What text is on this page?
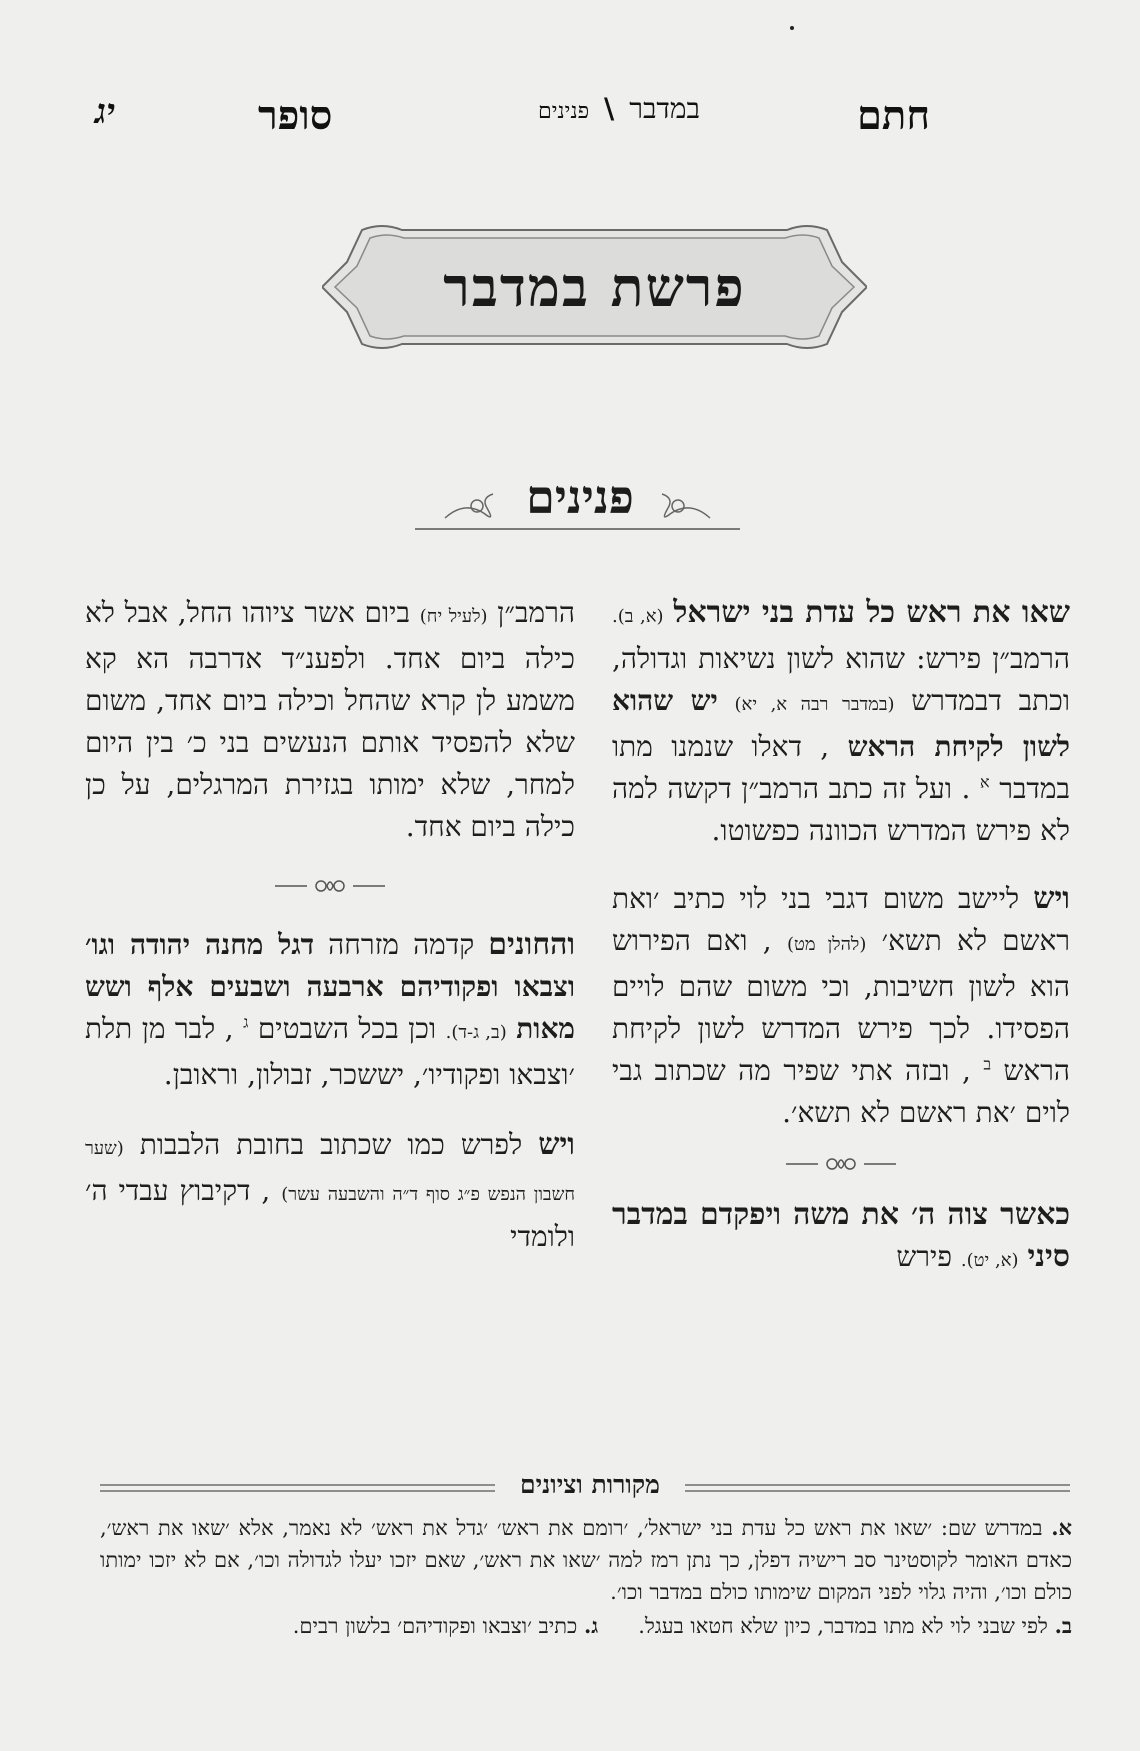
חתם
במדבר \ פנינים
סופר
יג
פרשת במדבר
פנינים
שאו את ראש כל עדת בני ישראל (א, ב). הרמב״ן פירש: שהוא לשון נשיאות וגדולה, וכתב דבמדרש (במדבר רבה א, יא) יש שהוא לשון לקיחת הראש , דאלו שנמנו מתו במדבר $^א$ . ועל זה כתב הרמב״ן דקשה למה לא פירש המדרש הכוונה כפשוטו.
ויש ליישב משום דגבי בני לוי כתיב ׳ואת ראשם לא תשא׳ (להלן מט) , ואם הפירוש הוא לשון חשיבות, וכי משום שהם לויים הפסידו. לכך פירש המדרש לשון לקיחת הראש $^ב$ , ובזה אתי שפיר מה שכתוב גבי לוים ׳את ראשם לא תשא׳.
כאשר צוה ה׳ את משה ויפקדם במדבר סיני (א, יט). פירש
הרמב״ן (לעיל יח) ביום אשר ציוהו החל, אבל לא כילה ביום אחד. ולפענ״ד אדרבה הא קא משמע לן קרא שהחל וכילה ביום אחד, משום שלא להפסיד אותם הנעשים בני כ׳ בין היום למחר, שלא ימותו בגזירת המרגלים, על כן כילה ביום אחד.
והחונים קדמה מזרחה דגל מחנה יהודה וגו׳ וצבאו ופקודיהם ארבעה ושבעים אלף ושש מאות (ב, ג-ד). וכן בכל השבטים $^ג$ , לבר מן תלת ׳וצבאו ופקודיו׳, יששכר, זבולון, וראובן.
ויש לפרש כמו שכתוב בחובת הלבבות (שער חשבון הנפש פ״ג סוף ד״ה והשבעה עשר) , דקיבוץ עבדי ה׳ ולומדי
מקורות וציונים
א. במדרש שם: ׳שאו את ראש כל עדת בני ישראל׳, ׳רומם את ראש׳ ׳גדל את ראש׳ לא נאמר, אלא ׳שאו את ראש׳, כאדם האומר לקוסטינר סב רישיה דפלן, כך נתן רמז למה ׳שאו את ראש׳, שאם יזכו יעלו לגדולה וכו׳, אם לא יזכו ימותו כולם וכו׳, והיה גלוי לפני המקום שימותו כולם במדבר וכו׳.
ב. לפי שבני לוי לא מתו במדבר, כיון שלא חטאו בעגל.      ג. כתיב ׳וצבאו ופקודיהם׳ בלשון רבים.
